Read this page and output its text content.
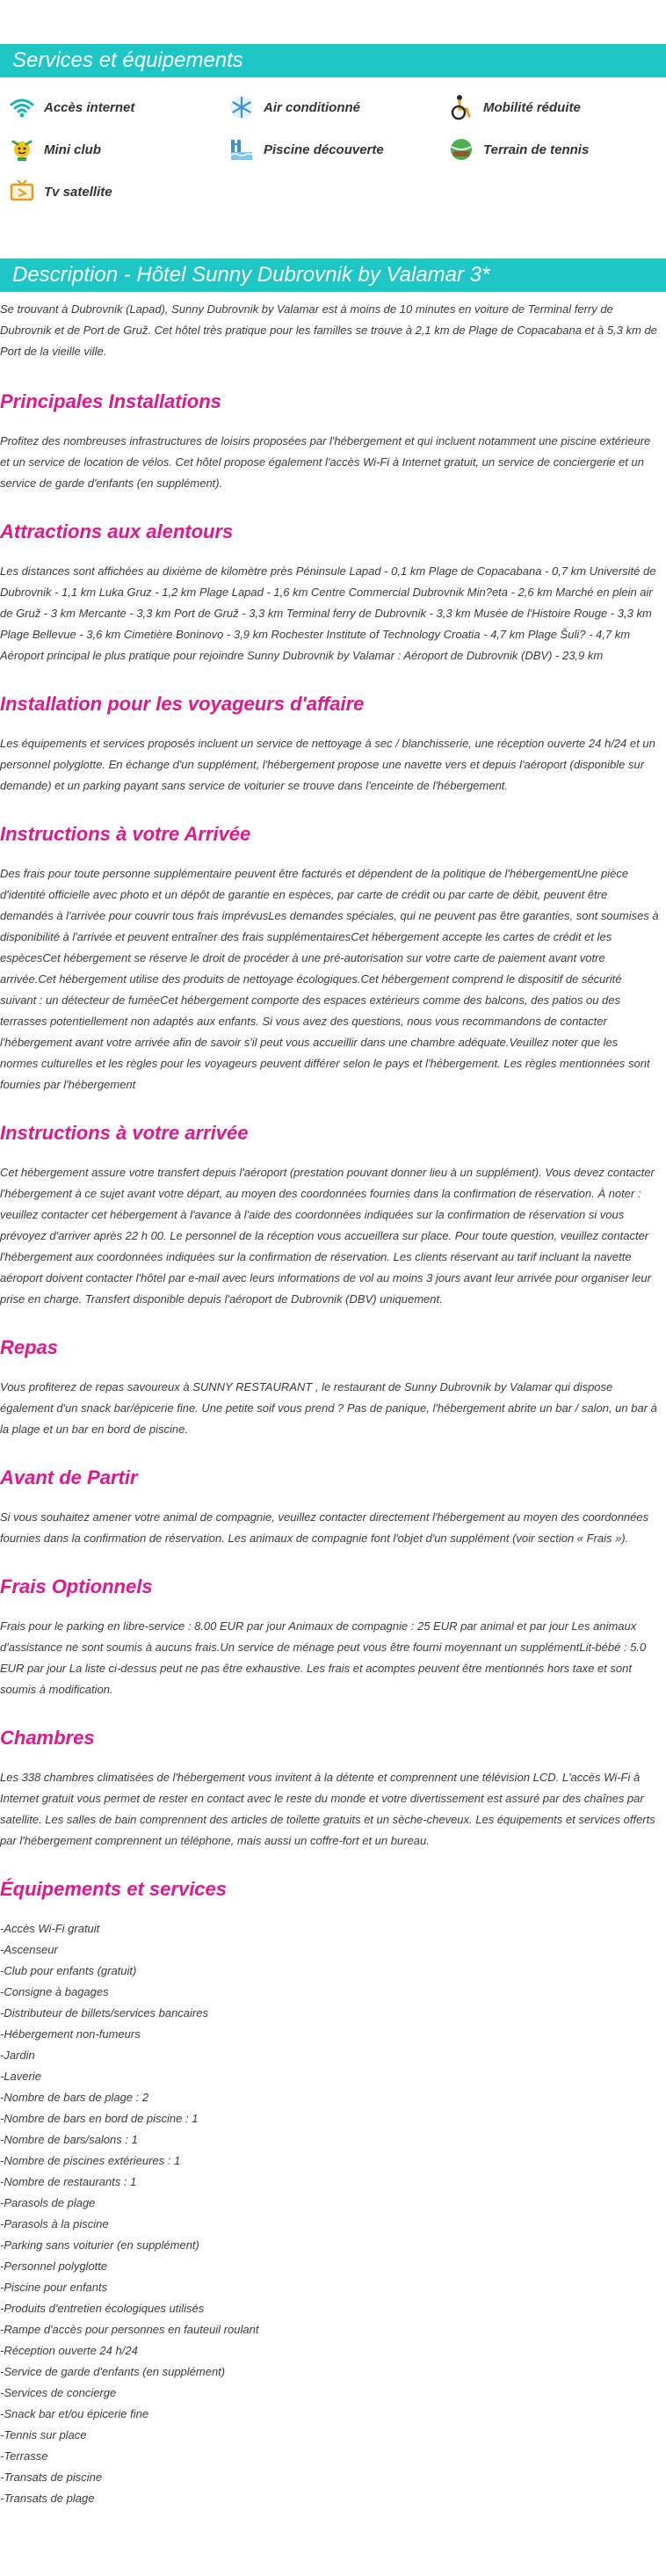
Services et équipements
Accès internet	Air conditionné	Mobilité réduite
Mini club	Piscine découverte	Terrain de tennis
Tv satellite
Description - Hôtel Sunny Dubrovnik by Valamar 3*

Se trouvant à Dubrovnik (Lapad), Sunny Dubrovnik by Valamar est à moins de 10 minutes en voiture de Terminal ferry de Dubrovnik et de Port de Gruž. Cet hôtel très pratique pour les familles se trouve à 2,1 km de Plage de Copacabana et à 5,3 km de Port de la vieille ville.

Principales Installations

Profitez des nombreuses infrastructures de loisirs proposées par l'hébergement et qui incluent notamment une piscine extérieure et un service de location de vélos. Cet hôtel propose également l'accès Wi-Fi à Internet gratuit, un service de conciergerie et un service de garde d'enfants (en supplément).

Attractions aux alentours

Les distances sont affichées au dixième de kilomètre près Péninsule Lapad - 0,1 km Plage de Copacabana - 0,7 km Université de Dubrovnik - 1,1 km Luka Gruz - 1,2 km Plage Lapad - 1,6 km Centre Commercial Dubrovnik Min?eta - 2,6 km Marché en plein air de Gruž - 3 km Mercante - 3,3 km Port de Gruž - 3,3 km Terminal ferry de Dubrovnik - 3,3 km Musée de l'Histoire Rouge - 3,3 km Plage Bellevue - 3,6 km Cimetière Boninovo - 3,9 km Rochester Institute of Technology Croatia - 4,7 km Plage Šuli? - 4,7 km Aéroport principal le plus pratique pour rejoindre Sunny Dubrovnik by Valamar : Aéroport de Dubrovnik (DBV) - 23,9 km

Installation pour les voyageurs d'affaire

Les équipements et services proposés incluent un service de nettoyage à sec / blanchisserie, une réception ouverte 24 h/24 et un personnel polyglotte. En échange d'un supplément, l'hébergement propose une navette vers et depuis l'aéroport (disponible sur demande) et un parking payant sans service de voiturier se trouve dans l'enceinte de l'hébergement.

Instructions à votre Arrivée

Des frais pour toute personne supplémentaire peuvent être facturés et dépendent de la politique de l'hébergementUne pièce d'identité officielle avec photo et un dépôt de garantie en espèces, par carte de crédit ou par carte de débit, peuvent être demandés à l'arrivée pour couvrir tous frais imprévusLes demandes spéciales, qui ne peuvent pas être garanties, sont soumises à disponibilité à l'arrivée et peuvent entraîner des frais supplémentairesCet hébergement accepte les cartes de crédit et les espècesCet hébergement se réserve le droit de procéder à une pré-autorisation sur votre carte de paiement avant votre arrivée.Cet hébergement utilise des produits de nettoyage écologiques.Cet hébergement comprend le dispositif de sécurité suivant : un détecteur de fuméeCet hébergement comporte des espaces extérieurs comme des balcons, des patios ou des terrasses potentiellement non adaptés aux enfants. Si vous avez des questions, nous vous recommandons de contacter l'hébergement avant votre arrivée afin de savoir s'il peut vous accueillir dans une chambre adéquate.Veuillez noter que les normes culturelles et les règles pour les voyageurs peuvent différer selon le pays et l'hébergement. Les règles mentionnées sont fournies par l'hébergement

Instructions à votre arrivée

Cet hébergement assure votre transfert depuis l'aéroport (prestation pouvant donner lieu à un supplément). Vous devez contacter l'hébergement à ce sujet avant votre départ, au moyen des coordonnées fournies dans la confirmation de réservation. À noter : veuillez contacter cet hébergement à l'avance à l'aide des coordonnées indiquées sur la confirmation de réservation si vous prévoyez d'arriver après 22 h 00. Le personnel de la réception vous accueillera sur place. Pour toute question, veuillez contacter l'hébergement aux coordonnées indiquées sur la confirmation de réservation. Les clients réservant au tarif incluant la navette aéroport doivent contacter l'hôtel par e-mail avec leurs informations de vol au moins 3 jours avant leur arrivée pour organiser leur prise en charge. Transfert disponible depuis l'aéroport de Dubrovnik (DBV) uniquement.

Repas

Vous profiterez de repas savoureux à SUNNY RESTAURANT , le restaurant de Sunny Dubrovnik by Valamar qui dispose également d'un snack bar/épicerie fine. Une petite soif vous prend ? Pas de panique, l'hébergement abrite un bar / salon, un bar à la plage et un bar en bord de piscine.

Avant de Partir

Si vous souhaitez amener votre animal de compagnie, veuillez contacter directement l'hébergement au moyen des coordonnées fournies dans la confirmation de réservation. Les animaux de compagnie font l'objet d'un supplément (voir section « Frais »).

Frais Optionnels

Frais pour le parking en libre-service : 8.00 EUR par jour Animaux de compagnie : 25 EUR par animal et par jour Les animaux d'assistance ne sont soumis à aucuns frais.Un service de ménage peut vous être fourni moyennant un supplémentLit-bébé : 5.0 EUR par jour La liste ci-dessus peut ne pas être exhaustive. Les frais et acomptes peuvent être mentionnés hors taxe et sont soumis à modification.

Chambres

Les 338 chambres climatisées de l'hébergement vous invitent à la détente et comprennent une télévision LCD. L'accès Wi-Fi à Internet gratuit vous permet de rester en contact avec le reste du monde et votre divertissement est assuré par des chaînes par satellite. Les salles de bain comprennent des articles de toilette gratuits et un sèche-cheveux. Les équipements et services offerts par l'hébergement comprennent un téléphone, mais aussi un coffre-fort et un bureau.

Équipements et services
-Accès Wi-Fi gratuit
-Ascenseur
-Club pour enfants (gratuit)
-Consigne à bagages
-Distributeur de billets/services bancaires
-Hébergement non-fumeurs
-Jardin
-Laverie
-Nombre de bars de plage : 2
-Nombre de bars en bord de piscine : 1
-Nombre de bars/salons : 1
-Nombre de piscines extérieures : 1
-Nombre de restaurants : 1
-Parasols de plage
-Parasols à la piscine
-Parking sans voiturier (en supplément)
-Personnel polyglotte
-Piscine pour enfants
-Produits d'entretien écologiques utilisés
-Rampe d'accès pour personnes en fauteuil roulant
-Réception ouverte 24 h/24
-Service de garde d'enfants (en supplément)
-Services de concierge
-Snack bar et/ou épicerie fine
-Tennis sur place
-Terrasse
-Transats de piscine
-Transats de plage
